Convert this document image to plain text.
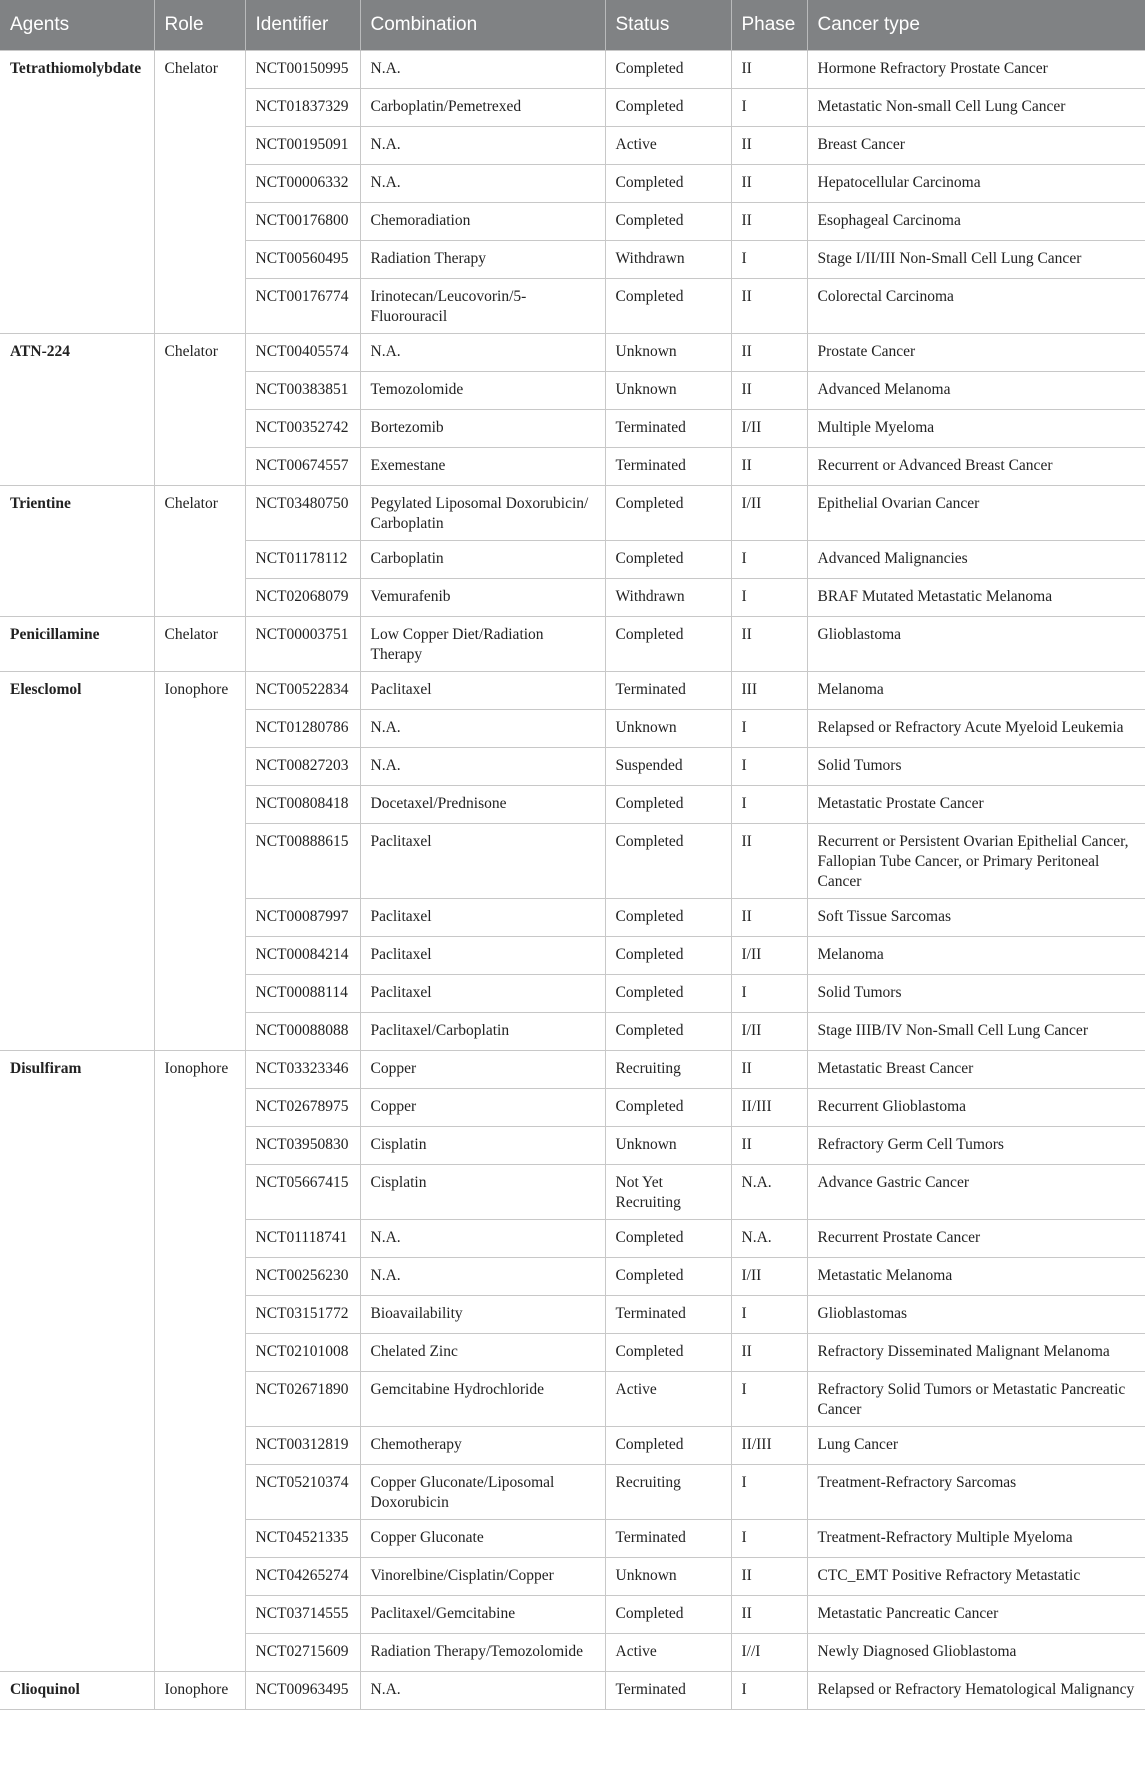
Agents	Role	Identifier	Combination	Status	Phase	Cancer type
Tetrathiomolybdate	Chelator	NCT00150995	N.A.	Completed	II	Hormone Refractory Prostate Cancer
		NCT01837329	Carboplatin/Pemetrexed	Completed	I	Metastatic Non-small Cell Lung Cancer
		NCT00195091	N.A.	Active	II	Breast Cancer
		NCT00006332	N.A.	Completed	II	Hepatocellular Carcinoma
		NCT00176800	Chemoradiation	Completed	II	Esophageal Carcinoma
		NCT00560495	Radiation Therapy	Withdrawn	I	Stage I/II/III Non-Small Cell Lung Cancer
		NCT00176774	Irinotecan/Leucovorin/5-Fluorouracil	Completed	II	Colorectal Carcinoma
ATN-224	Chelator	NCT00405574	N.A.	Unknown	II	Prostate Cancer
		NCT00383851	Temozolomide	Unknown	II	Advanced Melanoma
		NCT00352742	Bortezomib	Terminated	I/II	Multiple Myeloma
		NCT00674557	Exemestane	Terminated	II	Recurrent or Advanced Breast Cancer
Trientine	Chelator	NCT03480750	Pegylated Liposomal Doxorubicin/ Carboplatin	Completed	I/II	Epithelial Ovarian Cancer
		NCT01178112	Carboplatin	Completed	I	Advanced Malignancies
		NCT02068079	Vemurafenib	Withdrawn	I	BRAF Mutated Metastatic Melanoma
Penicillamine	Chelator	NCT00003751	Low Copper Diet/Radiation Therapy	Completed	II	Glioblastoma
Elesclomol	Ionophore	NCT00522834	Paclitaxel	Terminated	III	Melanoma
		NCT01280786	N.A.	Unknown	I	Relapsed or Refractory Acute Myeloid Leukemia
		NCT00827203	N.A.	Suspended	I	Solid Tumors
		NCT00808418	Docetaxel/Prednisone	Completed	I	Metastatic Prostate Cancer
		NCT00888615	Paclitaxel	Completed	II	Recurrent or Persistent Ovarian Epithelial Cancer, Fallopian Tube Cancer, or Primary Peritoneal Cancer
		NCT00087997	Paclitaxel	Completed	II	Soft Tissue Sarcomas
		NCT00084214	Paclitaxel	Completed	I/II	Melanoma
		NCT00088114	Paclitaxel	Completed	I	Solid Tumors
		NCT00088088	Paclitaxel/Carboplatin	Completed	I/II	Stage IIIB/IV Non-Small Cell Lung Cancer
Disulfiram	Ionophore	NCT03323346	Copper	Recruiting	II	Metastatic Breast Cancer
		NCT02678975	Copper	Completed	II/III	Recurrent Glioblastoma
		NCT03950830	Cisplatin	Unknown	II	Refractory Germ Cell Tumors
		NCT05667415	Cisplatin	Not Yet Recruiting	N.A.	Advance Gastric Cancer
		NCT01118741	N.A.	Completed	N.A.	Recurrent Prostate Cancer
		NCT00256230	N.A.	Completed	I/II	Metastatic Melanoma
		NCT03151772	Bioavailability	Terminated	I	Glioblastomas
		NCT02101008	Chelated Zinc	Completed	II	Refractory Disseminated Malignant Melanoma
		NCT02671890	Gemcitabine Hydrochloride	Active	I	Refractory Solid Tumors or Metastatic Pancreatic Cancer
		NCT00312819	Chemotherapy	Completed	II/III	Lung Cancer
		NCT05210374	Copper Gluconate/Liposomal Doxorubicin	Recruiting	I	Treatment-Refractory Sarcomas
		NCT04521335	Copper Gluconate	Terminated	I	Treatment-Refractory Multiple Myeloma
		NCT04265274	Vinorelbine/Cisplatin/Copper	Unknown	II	CTC_EMT Positive Refractory Metastatic
		NCT03714555	Paclitaxel/Gemcitabine	Completed	II	Metastatic Pancreatic Cancer
		NCT02715609	Radiation Therapy/Temozolomide	Active	I//I	Newly Diagnosed Glioblastoma
Clioquinol	Ionophore	NCT00963495	N.A.	Terminated	I	Relapsed or Refractory Hematological Malignancy
